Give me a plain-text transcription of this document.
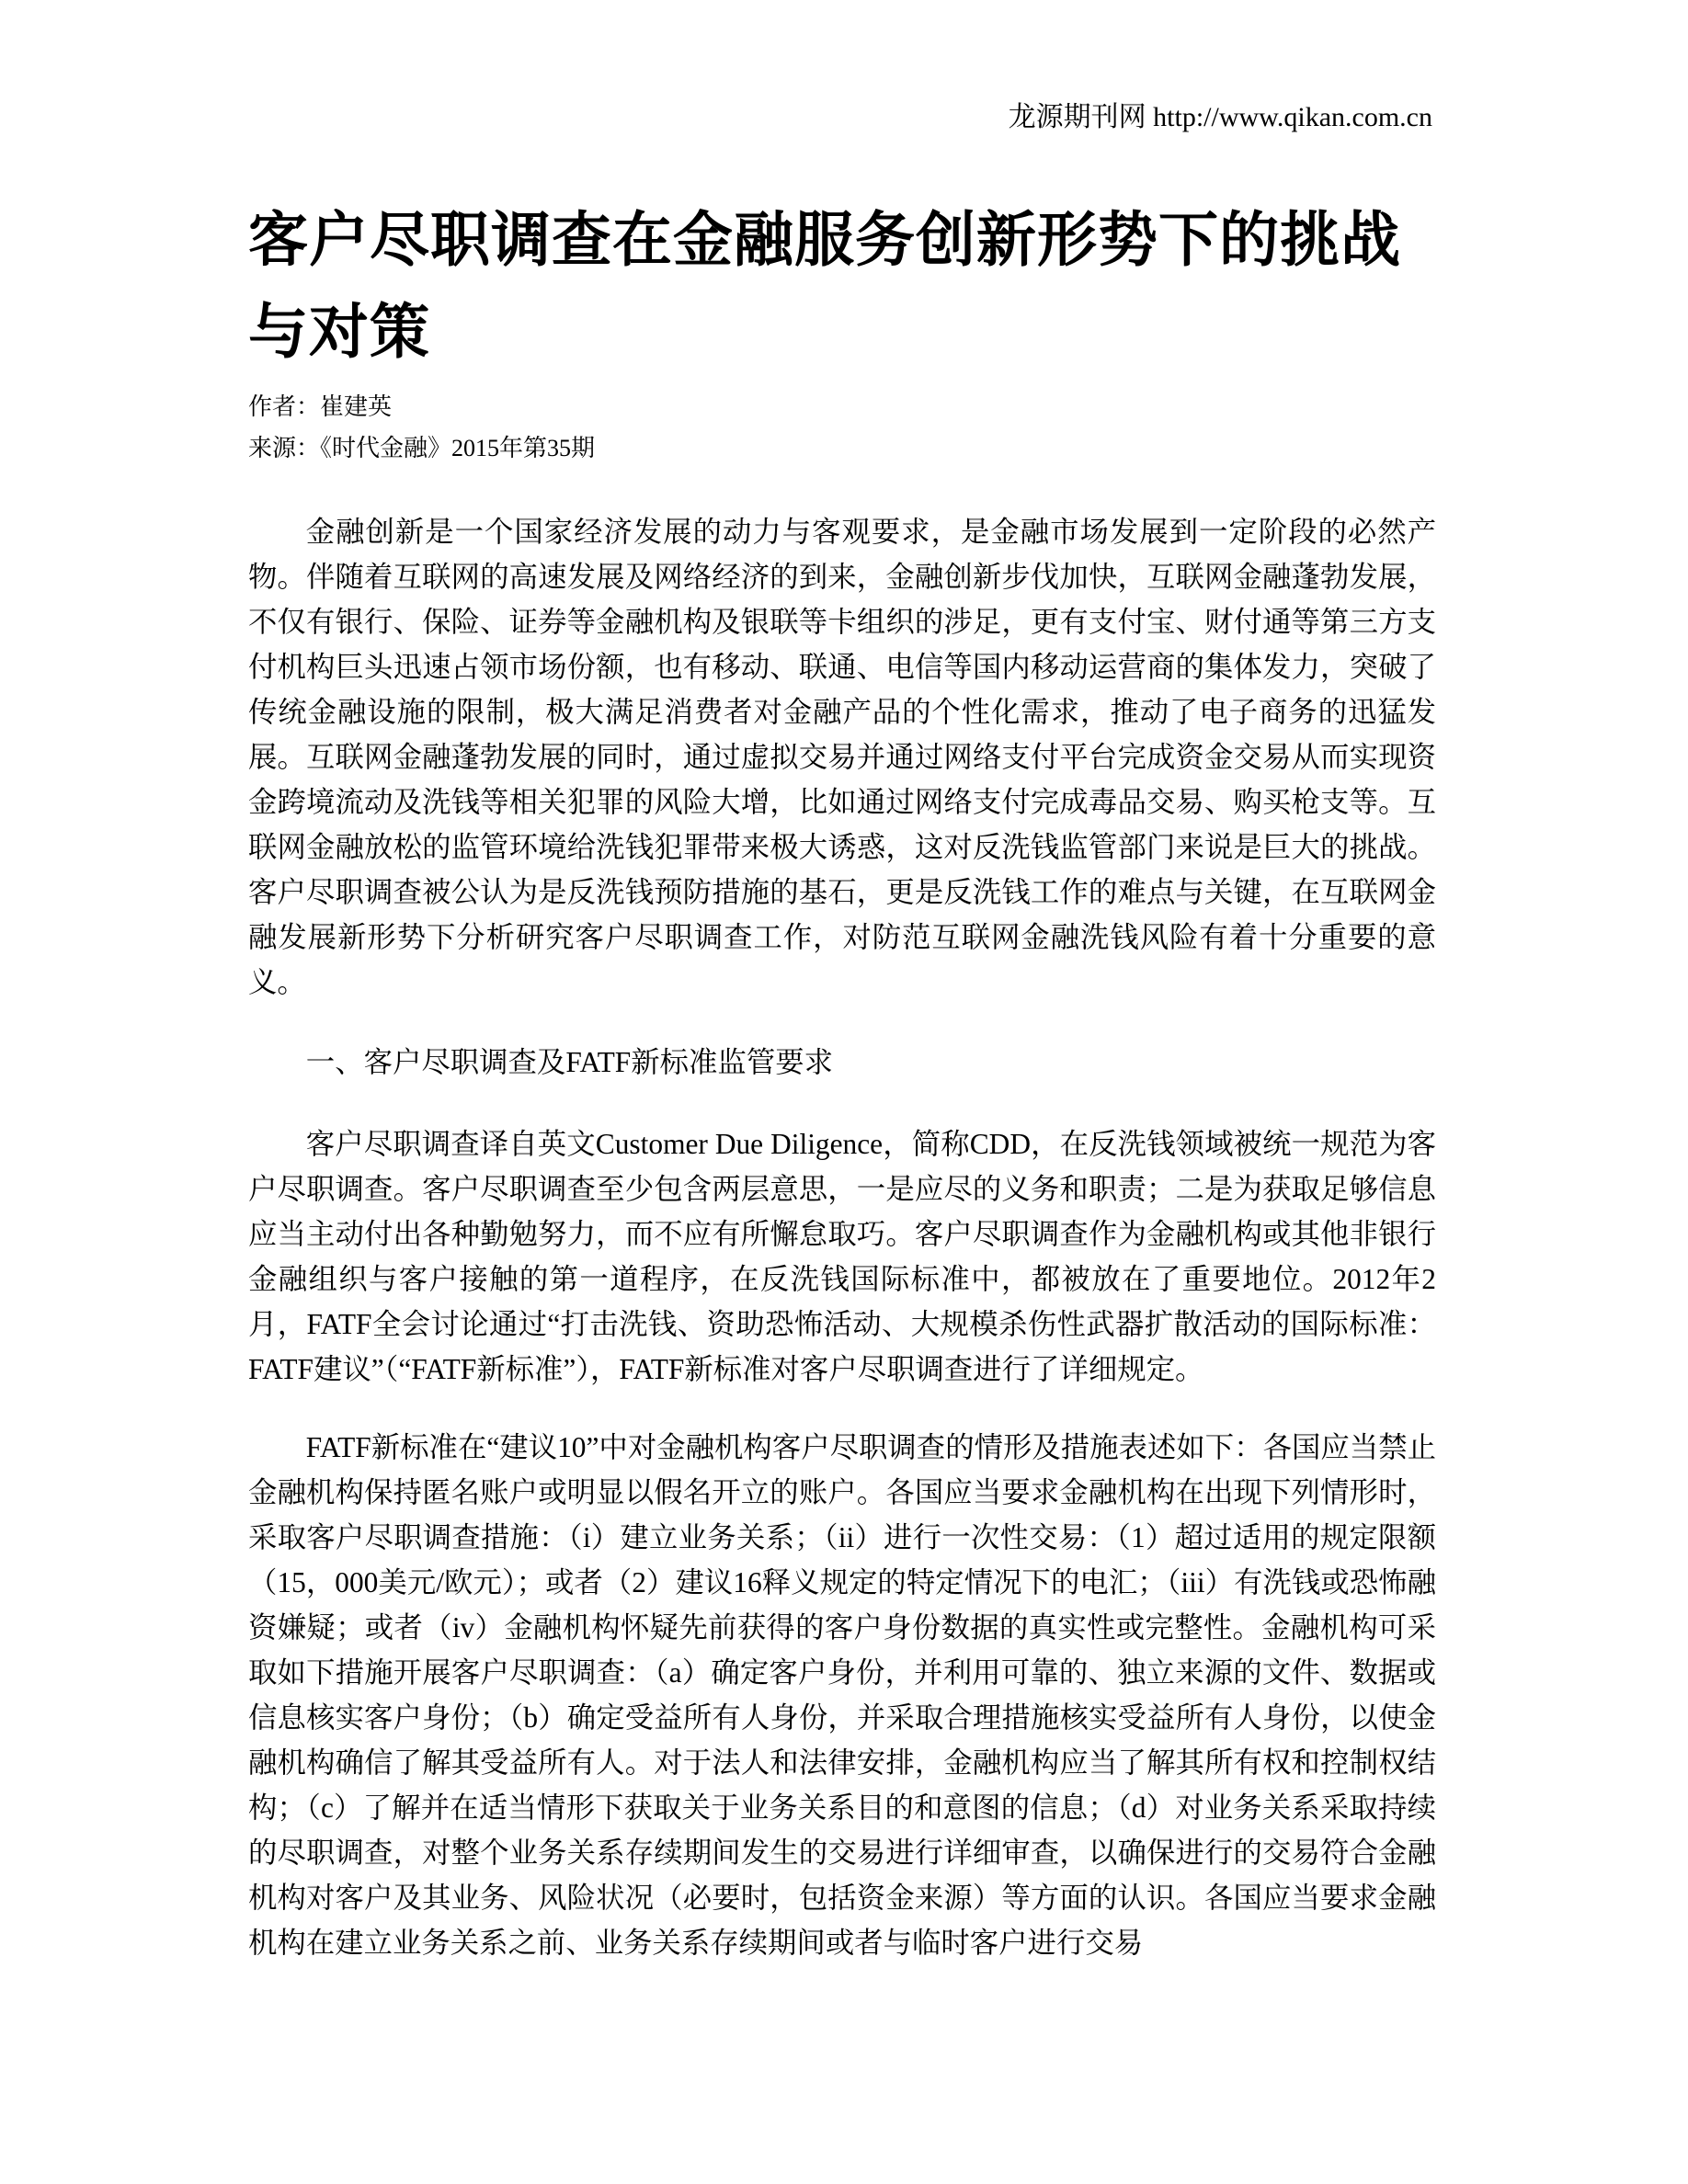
龙源期刊网 http://www.qikan.com.cn
客户尽职调查在金融服务创新形势下的挑战与对策
作者：崔建英
来源：《时代金融》2015年第35期

金融创新是一个国家经济发展的动力与客观要求，是金融市场发展到一定阶段的必然产物。伴随着互联网的高速发展及网络经济的到来，金融创新步伐加快，互联网金融蓬勃发展，不仅有银行、保险、证券等金融机构及银联等卡组织的涉足，更有支付宝、财付通等第三方支付机构巨头迅速占领市场份额，也有移动、联通、电信等国内移动运营商的集体发力，突破了传统金融设施的限制，极大满足消费者对金融产品的个性化需求，推动了电子商务的迅猛发展。互联网金融蓬勃发展的同时，通过虚拟交易并通过网络支付平台完成资金交易从而实现资金跨境流动及洗钱等相关犯罪的风险大增，比如通过网络支付完成毒品交易、购买枪支等。互联网金融放松的监管环境给洗钱犯罪带来极大诱惑，这对反洗钱监管部门来说是巨大的挑战。客户尽职调查被公认为是反洗钱预防措施的基石，更是反洗钱工作的难点与关键，在互联网金融发展新形势下分析研究客户尽职调查工作，对防范互联网金融洗钱风险有着十分重要的意义。

一、客户尽职调查及FATF新标准监管要求

客户尽职调查译自英文Customer Due Diligence，简称CDD，在反洗钱领域被统一规范为客户尽职调查。客户尽职调查至少包含两层意思，一是应尽的义务和职责；二是为获取足够信息应当主动付出各种勤勉努力，而不应有所懈怠取巧。客户尽职调查作为金融机构或其他非银行金融组织与客户接触的第一道程序，在反洗钱国际标准中，都被放在了重要地位。2012年2月，FATF全会讨论通过“打击洗钱、资助恐怖活动、大规模杀伤性武器扩散活动的国际标准：FATF建议”（“FATF新标准”），FATF新标准对客户尽职调查进行了详细规定。

FATF新标准在“建议10”中对金融机构客户尽职调查的情形及措施表述如下：各国应当禁止金融机构保持匿名账户或明显以假名开立的账户。各国应当要求金融机构在出现下列情形时，采取客户尽职调查措施：（i）建立业务关系；（ii）进行一次性交易：（1）超过适用的规定限额（15，000美元/欧元）；或者（2）建议16释义规定的特定情况下的电汇；（iii）有洗钱或恐怖融资嫌疑；或者（iv）金融机构怀疑先前获得的客户身份数据的真实性或完整性。金融机构可采取如下措施开展客户尽职调查：（a）确定客户身份，并利用可靠的、独立来源的文件、数据或信息核实客户身份；（b）确定受益所有人身份，并采取合理措施核实受益所有人身份，以使金融机构确信了解其受益所有人。对于法人和法律安排，金融机构应当了解其所有权和控制权结构；（c）了解并在适当情形下获取关于业务关系目的和意图的信息；（d）对业务关系采取持续的尽职调查，对整个业务关系存续期间发生的交易进行详细审查，以确保进行的交易符合金融机构对客户及其业务、风险状况（必要时，包括资金来源）等方面的认识。各国应当要求金融机构在建立业务关系之前、业务关系存续期间或者与临时客户进行交易
